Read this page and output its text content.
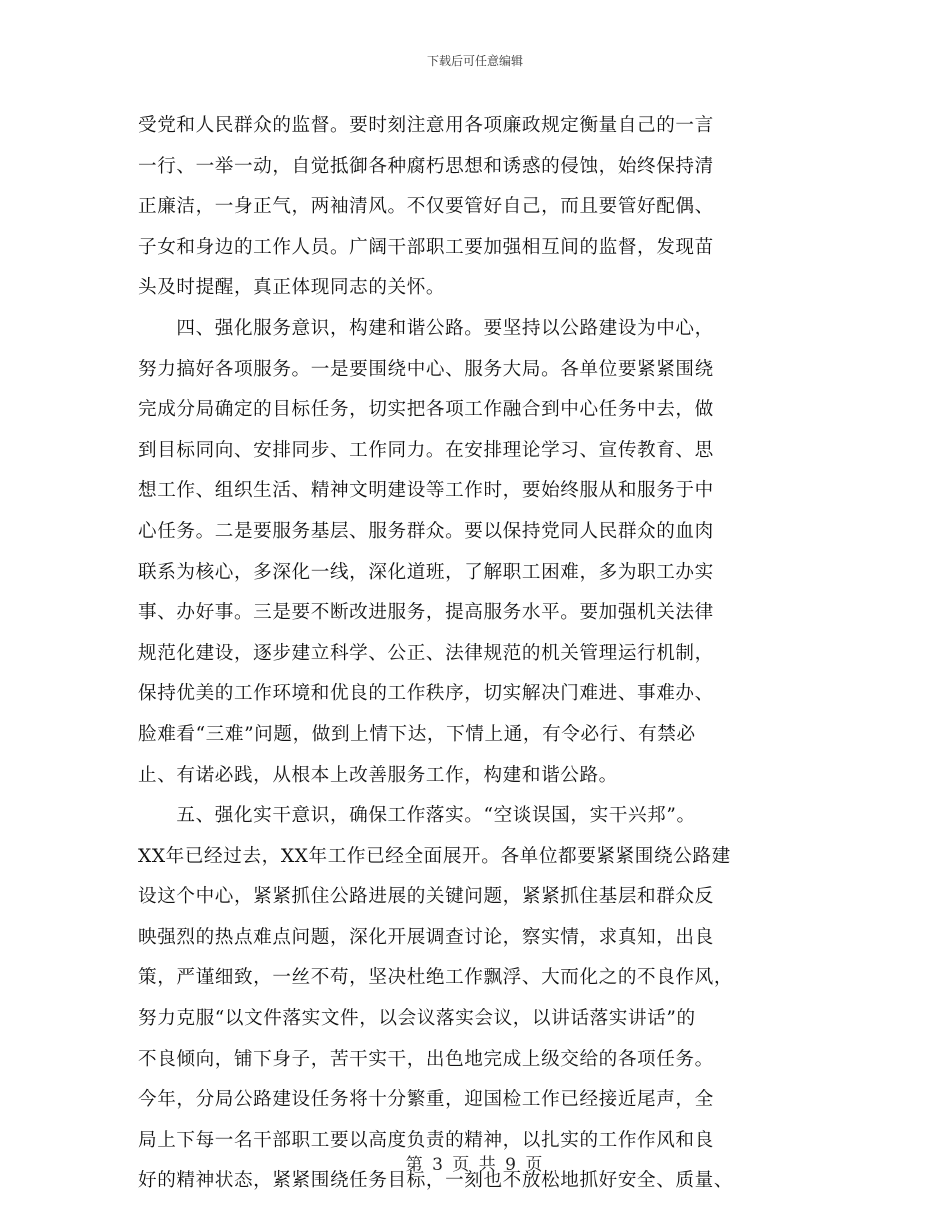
下载后可任意编辑
受党和人民群众的监督。要时刻注意用各项廉政规定衡量自己的一言
一行、一举一动，自觉抵御各种腐朽思想和诱惑的侵蚀，始终保持清
正廉洁，一身正气，两袖清风。不仅要管好自己，而且要管好配偶、
子女和身边的工作人员。广阔干部职工要加强相互间的监督，发现苗
头及时提醒，真正体现同志的关怀。
　　四、强化服务意识，构建和谐公路。要坚持以公路建设为中心，
努力搞好各项服务。一是要围绕中心、服务大局。各单位要紧紧围绕
完成分局确定的目标任务，切实把各项工作融合到中心任务中去，做
到目标同向、安排同步、工作同力。在安排理论学习、宣传教育、思
想工作、组织生活、精神文明建设等工作时，要始终服从和服务于中
心任务。二是要服务基层、服务群众。要以保持党同人民群众的血肉
联系为核心，多深化一线，深化道班，了解职工困难，多为职工办实
事、办好事。三是要不断改进服务，提高服务水平。要加强机关法律
规范化建设，逐步建立科学、公正、法律规范的机关管理运行机制，
保持优美的工作环境和优良的工作秩序，切实解决门难进、事难办、
脸难看“三难”问题，做到上情下达，下情上通，有令必行、有禁必
止、有诺必践，从根本上改善服务工作，构建和谐公路。
　　五、强化实干意识，确保工作落实。“空谈误国，实干兴邦”。
XX年已经过去，XX年工作已经全面展开。各单位都要紧紧围绕公路建
设这个中心，紧紧抓住公路进展的关键问题，紧紧抓住基层和群众反
映强烈的热点难点问题，深化开展调查讨论，察实情，求真知，出良
策，严谨细致，一丝不苟，坚决杜绝工作飘浮、大而化之的不良作风，
努力克服“以文件落实文件，以会议落实会议，以讲话落实讲话”的
不良倾向，铺下身子，苦干实干，出色地完成上级交给的各项任务。
今年，分局公路建设任务将十分繁重，迎国检工作已经接近尾声，全
局上下每一名干部职工要以高度负责的精神，以扎实的工作作风和良
好的精神状态，紧紧围绕任务目标，一刻也不放松地抓好安全、质量、
第 3 页 共 9 页
